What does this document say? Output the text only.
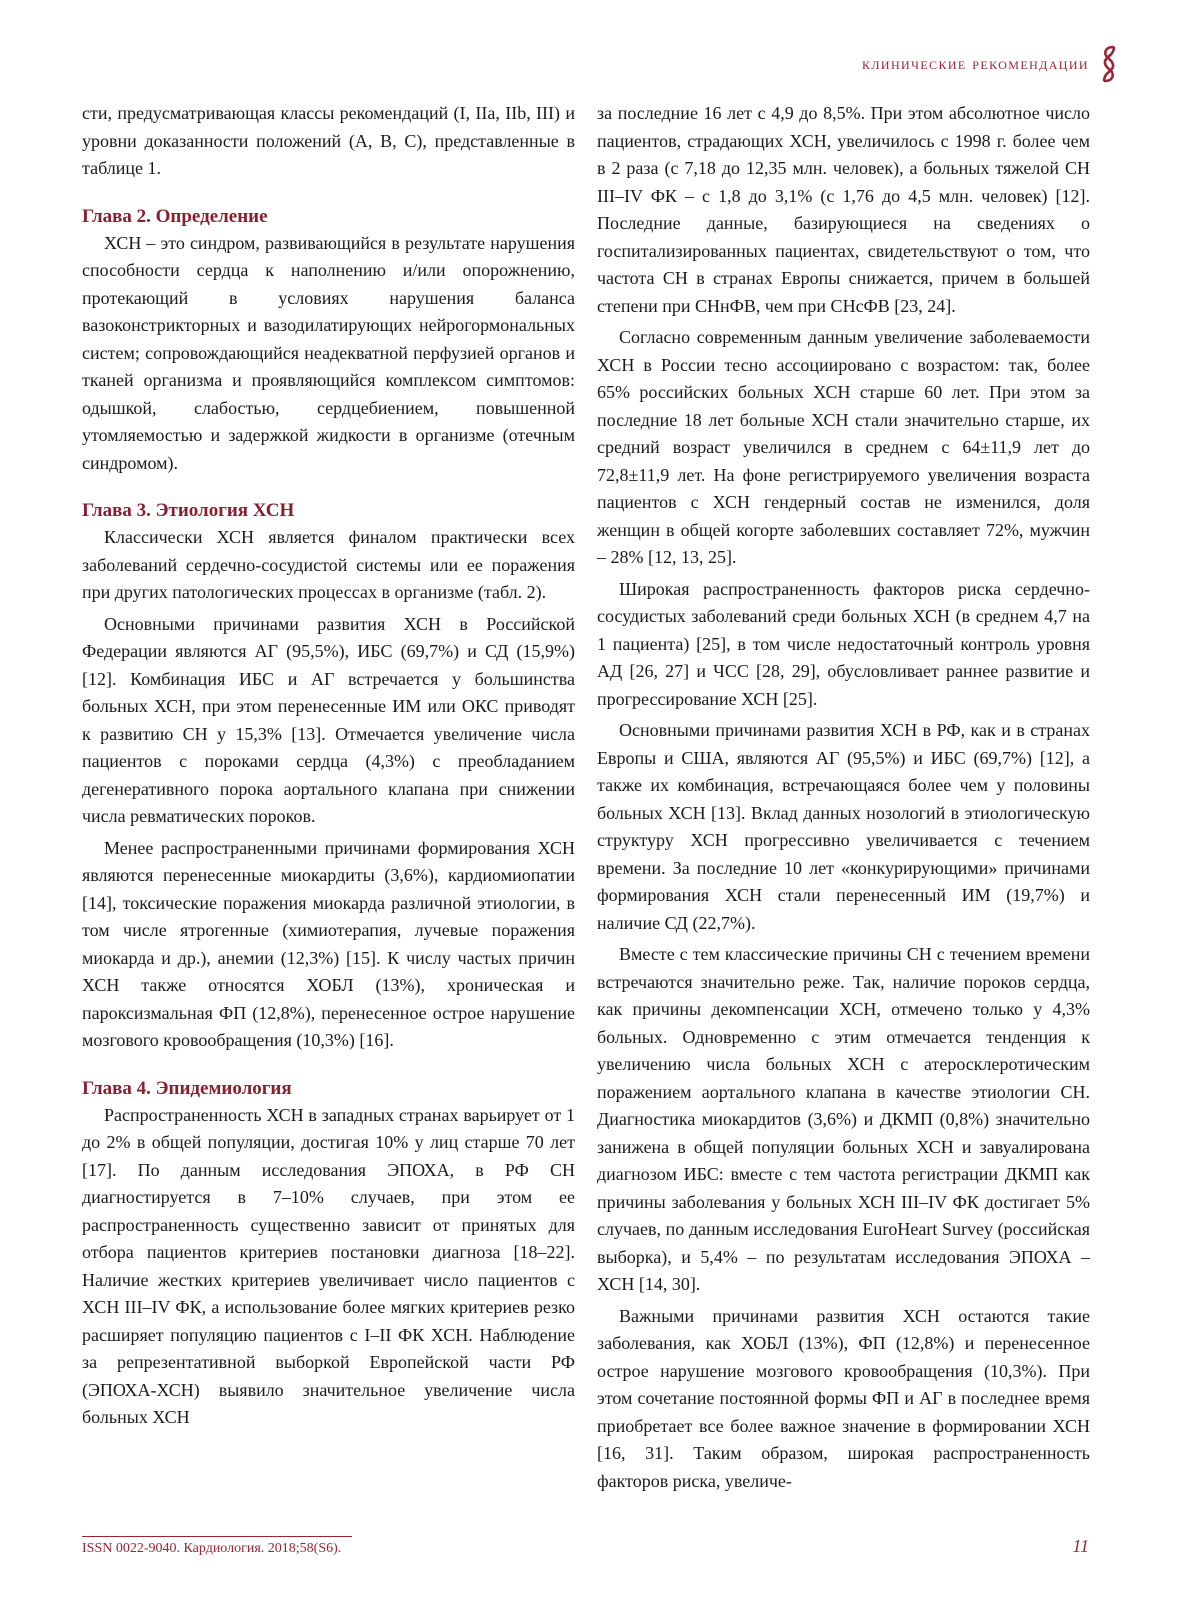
клинические рекомендации

сти, предусматривающая классы рекомендаций (I, IIa, IIb, III) и уровни доказанности положений (A, B, C), представленные в таблице 1.

Глава 2. Определение

ХСН – это синдром, развивающийся в результате нарушения способности сердца к наполнению и/или опорожнению, протекающий в условиях нарушения баланса вазоконстрикторных и вазодилатирующих нейрогормональных систем; сопровождающийся неадекватной перфузией органов и тканей организма и проявляющийся комплексом симптомов: одышкой, слабостью, сердцебиением, повышенной утомляемостью и задержкой жидкости в организме (отечным синдромом).

Глава 3. Этиология ХСН

Классически ХСН является финалом практически всех заболеваний сердечно-сосудистой системы или ее поражения при других патологических процессах в организме (табл. 2).

Основными причинами развития ХСН в Российской Федерации являются АГ (95,5%), ИБС (69,7%) и СД (15,9%) [12]. Комбинация ИБС и АГ встречается у большинства больных ХСН, при этом перенесенные ИМ или ОКС приводят к развитию СН у 15,3% [13]. Отмечается увеличение числа пациентов с пороками сердца (4,3%) с преобладанием дегенеративного порока аортального клапана при снижении числа ревматических пороков.

Менее распространенными причинами формирования ХСН являются перенесенные миокардиты (3,6%), кардиомиопатии [14], токсические поражения миокарда различной этиологии, в том числе ятрогенные (химиотерапия, лучевые поражения миокарда и др.), анемии (12,3%) [15]. К числу частых причин ХСН также относятся ХОБЛ (13%), хроническая и пароксизмальная ФП (12,8%), перенесенное острое нарушение мозгового кровообращения (10,3%) [16].

Глава 4. Эпидемиология

Распространенность ХСН в западных странах варьирует от 1 до 2% в общей популяции, достигая 10% у лиц старше 70 лет [17]. По данным исследования ЭПОХА, в РФ СН диагностируется в 7–10% случаев, при этом ее распространенность существенно зависит от принятых для отбора пациентов критериев постановки диагноза [18–22]. Наличие жестких критериев увеличивает число пациентов с ХСН III–IV ФК, а использование более мягких критериев резко расширяет популяцию пациентов с I–II ФК ХСН. Наблюдение за репрезентативной выборкой Европейской части РФ (ЭПОХА-ХСН) выявило значительное увеличение числа больных ХСН

за последние 16 лет с 4,9 до 8,5%. При этом абсолютное число пациентов, страдающих ХСН, увеличилось с 1998 г. более чем в 2 раза (с 7,18 до 12,35 млн. человек), а больных тяжелой СН III–IV ФК – с 1,8 до 3,1% (с 1,76 до 4,5 млн. человек) [12]. Последние данные, базирующиеся на сведениях о госпитализированных пациентах, свидетельствуют о том, что частота СН в странах Европы снижается, причем в большей степени при СНнФВ, чем при СНсФВ [23, 24].

Согласно современным данным увеличение заболеваемости ХСН в России тесно ассоциировано с возрастом: так, более 65% российских больных ХСН старше 60 лет. При этом за последние 18 лет больные ХСН стали значительно старше, их средний возраст увеличился в среднем с 64±11,9 лет до 72,8±11,9 лет. На фоне регистрируемого увеличения возраста пациентов с ХСН гендерный состав не изменился, доля женщин в общей когорте заболевших составляет 72%, мужчин – 28% [12, 13, 25].

Широкая распространенность факторов риска сердечно-сосудистых заболеваний среди больных ХСН (в среднем 4,7 на 1 пациента) [25], в том числе недостаточный контроль уровня АД [26, 27] и ЧСС [28, 29], обусловливает раннее развитие и прогрессирование ХСН [25].

Основными причинами развития ХСН в РФ, как и в странах Европы и США, являются АГ (95,5%) и ИБС (69,7%) [12], а также их комбинация, встречающаяся более чем у половины больных ХСН [13]. Вклад данных нозологий в этиологическую структуру ХСН прогрессивно увеличивается с течением времени. За последние 10 лет «конкурирующими» причинами формирования ХСН стали перенесенный ИМ (19,7%) и наличие СД (22,7%).

Вместе с тем классические причины СН с течением времени встречаются значительно реже. Так, наличие пороков сердца, как причины декомпенсации ХСН, отмечено только у 4,3% больных. Одновременно с этим отмечается тенденция к увеличению числа больных ХСН с атеросклеротическим поражением аортального клапана в качестве этиологии СН. Диагностика миокардитов (3,6%) и ДКМП (0,8%) значительно занижена в общей популяции больных ХСН и завуалирована диагнозом ИБС: вместе с тем частота регистрации ДКМП как причины заболевания у больных ХСН III–IV ФК достигает 5% случаев, по данным исследования EuroHeart Survey (российская выборка), и 5,4% – по результатам исследования ЭПОХА – ХСН [14, 30].

Важными причинами развития ХСН остаются такие заболевания, как ХОБЛ (13%), ФП (12,8%) и перенесенное острое нарушение мозгового кровообращения (10,3%). При этом сочетание постоянной формы ФП и АГ в последнее время приобретает все более важное значение в формировании ХСН [16, 31]. Таким образом, широкая распространенность факторов риска, увеличе-

ISSN 0022-9040. Кардиология. 2018;58(S6).	11
